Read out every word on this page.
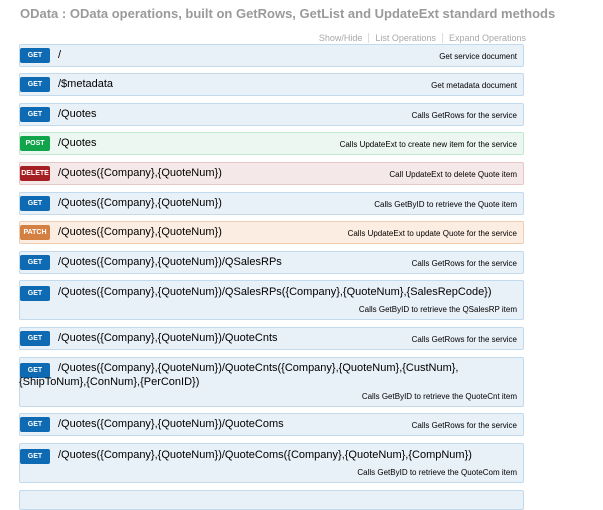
OData : OData operations, built on GetRows, GetList and UpdateExt standard methods
Show/Hide List Operations Expand Operations
GET	/	Get service document
GET	/$metadata	Get metadata document
GET	/Quotes	Calls GetRows for the service
POST	/Quotes	Calls UpdateExt to create new item for the service
DELETE /Quotes({Company},{QuoteNum})	Call UpdateExt to delete Quote item
GET	/Quotes({Company},{QuoteNum})	Calls GetByID to retrieve the Quote item
PATCH	/Quotes({Company},{QuoteNum})	Calls UpdateExt to update Quote for the service
GET	/Quotes({Company},{QuoteNum})/QSalesRPs	Calls GetRows for the service
GET	/Quotes({Company},{QuoteNum})/QSalesRPs({Company},{QuoteNum},{SalesRepCode})
Calls GetByID to retrieve the QSalesRP item
GET	/Quotes({Company},{QuoteNum})/QuoteCnts	Calls GetRows for the service
GET	/Quotes({Company},{QuoteNum})/QuoteCnts({Company},{QuoteNum},{CustNum},{ShipToNum},{ConNum},{PerConID})
Calls GetByID to retrieve the QuoteCnt item
GET	/Quotes({Company},{QuoteNum})/QuoteComs	Calls GetRows for the service
GET	/Quotes({Company},{QuoteNum})/QuoteComs({Company},{QuoteNum},{CompNum})
Calls GetByID to retrieve the QuoteCom item
